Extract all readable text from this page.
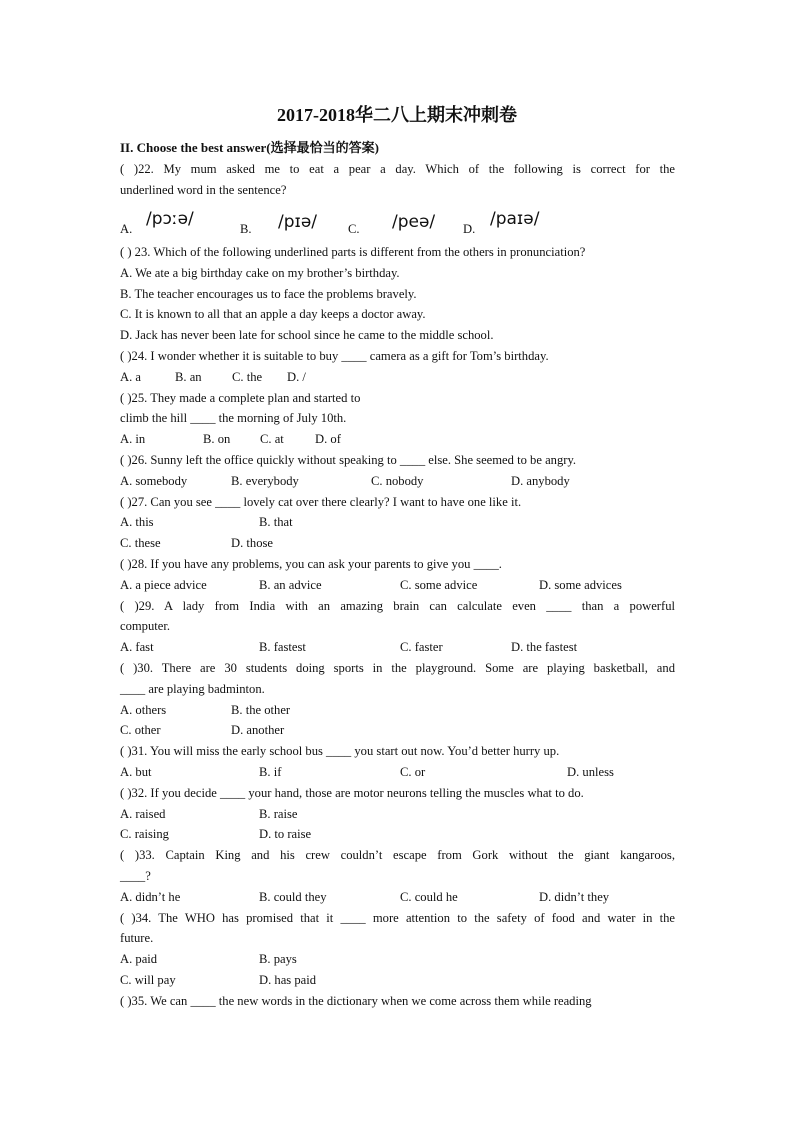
2017-2018华二八上期末冲刺卷
II. Choose the best answer(选择最恰当的答案)
( )22. My mum asked me to eat a pear a day. Which of the following is correct for the
underlined word in the sentence?
A. /pɔːə/	B. /pɪə/ C. /peə/ D. /paɪə/
( ) 23. Which of the following underlined parts is different from the others in pronunciation?
A. We ate a big birthday cake on my brother’s birthday.
B. The teacher encourages us to face the problems bravely.
C. It is known to all that an apple a day keeps a doctor away.
D. Jack has never been late for school since he came to the middle school.
( )24. I wonder whether it is suitable to buy ____ camera as a gift for Tom’s birthday.
A. a	B. an C. the D. /
( )25. They made a complete plan and started to
climb the hill ____ the morning of July 10th.
A. in	B. on C. at D. of
( )26. Sunny left the office quickly without speaking to ____ else. She seemed to be angry.
A. somebody	B. everybody	C. nobody	D. anybody
( )27. Can you see ____ lovely cat over there clearly? I want to have one like it.
A. this	B. that
C. these	D. those
( )28. If you have any problems, you can ask your parents to give you ____.
A. a piece advice	B. an advice	C. some advice	D. some advices
( )29. A lady from India with an amazing brain can calculate even ____ than a powerful
computer.
A. fast	B. fastest	C. faster	D. the fastest
( )30. There are 30 students doing sports in the playground. Some are playing basketball, and
____ are playing badminton.
A. others	B. the other
C. other	D. another
( )31. You will miss the early school bus ____ you start out now. You’d better hurry up.
A. but	B. if	C. or	D. unless
( )32. If you decide ____ your hand, those are motor neurons telling the muscles what to do.
A. raised	B. raise
C. raising	D. to raise
( )33. Captain King and his crew couldn’t escape from Gork without the giant kangaroos,
____?
A. didn’t he	B. could they	C. could he	D. didn’t they
( )34. The WHO has promised that it ____ more attention to the safety of food and water in the
future.
A. paid	B. pays
C. will pay	D. has paid
( )35. We can ____ the new words in the dictionary when we come across them while reading
